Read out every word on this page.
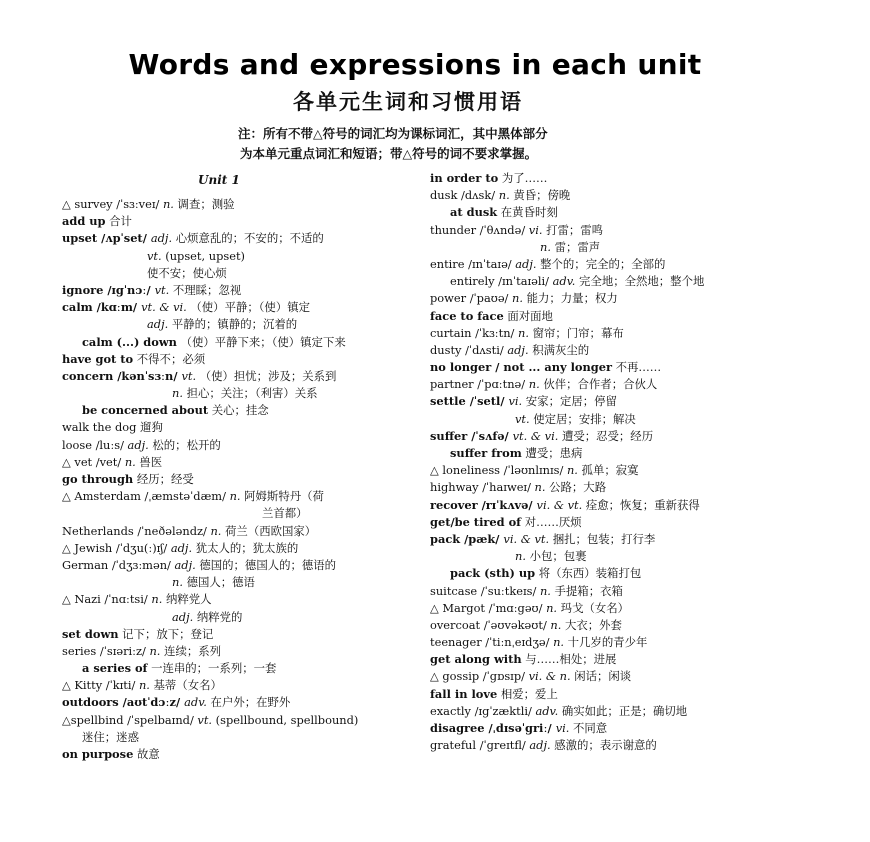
Words and expressions in each unit
各单元生词和习惯用语
注：所有不带△符号的词汇均为课标词汇，其中黑体部分
为本单元重点词汇和短语；带△符号的词不要求掌握。
Unit 1
△ survey /ˈsɜːveɪ/ n. 调查；测验
add up 合计
upset /ʌpˈset/ adj. 心烦意乱的；不安的；不适的
vt. (upset, upset)
使不安；使心烦
ignore /ɪgˈnɔː/ vt. 不理睬；忽视
calm /kɑːm/ vt. & vi. （使）平静；（使）镇定
adj. 平静的；镇静的；沉着的
calm (...) down （使）平静下来；（使）镇定下来
have got to 不得不；必须
concern /kənˈsɜːn/ vt. （使）担忧；涉及；关系到
n. 担心；关注；（利害）关系
be concerned about 关心；挂念
walk the dog 遛狗
loose /luːs/ adj. 松的；松开的
△ vet /vet/ n. 兽医
go through 经历；经受
△ Amsterdam /ˌæmstəˈdæm/ n. 阿姆斯特丹（荷
兰首都）
Netherlands /ˈneðələndz/ n. 荷兰（西欧国家）
△ Jewish /ˈdʒu(ː)ɪʃ/ adj. 犹太人的；犹太族的
German /ˈdʒɜːmən/ adj. 德国的；德国人的；德语的
n. 德国人；德语
△ Nazi /ˈnɑːtsi/ n. 纳粹党人
adj. 纳粹党的
set down 记下；放下；登记
series /ˈsɪəriːz/ n. 连续；系列
a series of 一连串的；一系列；一套
△ Kitty /ˈkɪti/ n. 基蒂（女名）
outdoors /aʊtˈdɔːz/ adv. 在户外；在野外
△spellbind /ˈspelbaɪnd/ vt. (spellbound, spellbound)
迷住；迷惑
on purpose 故意
in order to 为了……
dusk /dʌsk/ n. 黄昏；傍晚
at dusk 在黄昏时刻
thunder /ˈθʌndə/ vi. 打雷；雷鸣
n. 雷；雷声
entire /ɪnˈtaɪə/ adj. 整个的；完全的；全部的
entirely /ɪnˈtaɪəli/ adv. 完全地；全然地；整个地
power /ˈpaʊə/ n. 能力；力量；权力
face to face 面对面地
curtain /ˈkɜːtn/ n. 窗帘；门帘；幕布
dusty /ˈdʌsti/ adj. 积满灰尘的
no longer / not ... any longer 不再……
partner /ˈpɑːtnə/ n. 伙伴；合作者；合伙人
settle /ˈsetl/ vi. 安家；定居；停留
vt. 使定居；安排；解决
suffer /ˈsʌfə/ vt. & vi. 遭受；忍受；经历
suffer from 遭受；患病
△ loneliness /ˈləʊnlɪnɪs/ n. 孤单；寂寞
highway /ˈhaɪweɪ/ n. 公路；大路
recover /rɪˈkʌvə/ vi. & vt. 痊愈；恢复；重新获得
get/be tired of 对……厌烦
pack /pæk/ vi. & vt. 捆扎；包装；打行李
n. 小包；包裹
pack (sth) up 将（东西）装箱打包
suitcase /ˈsuːtkeɪs/ n. 手提箱；衣箱
△ Margot /ˈmɑːgəʊ/ n. 玛戈（女名）
overcoat /ˈəʊvəkəʊt/ n. 大衣；外套
teenager /ˈtiːnˌeɪdʒə/ n. 十几岁的青少年
get along with 与……相处；进展
△ gossip /ˈgɒsɪp/ vi. & n. 闲话；闲谈
fall in love 相爱；爱上
exactly /ɪgˈzæktli/ adv. 确实如此；正是；确切地
disagree /ˌdɪsəˈgriː/ vi. 不同意
grateful /ˈgreɪtfl/ adj. 感激的；表示谢意的
